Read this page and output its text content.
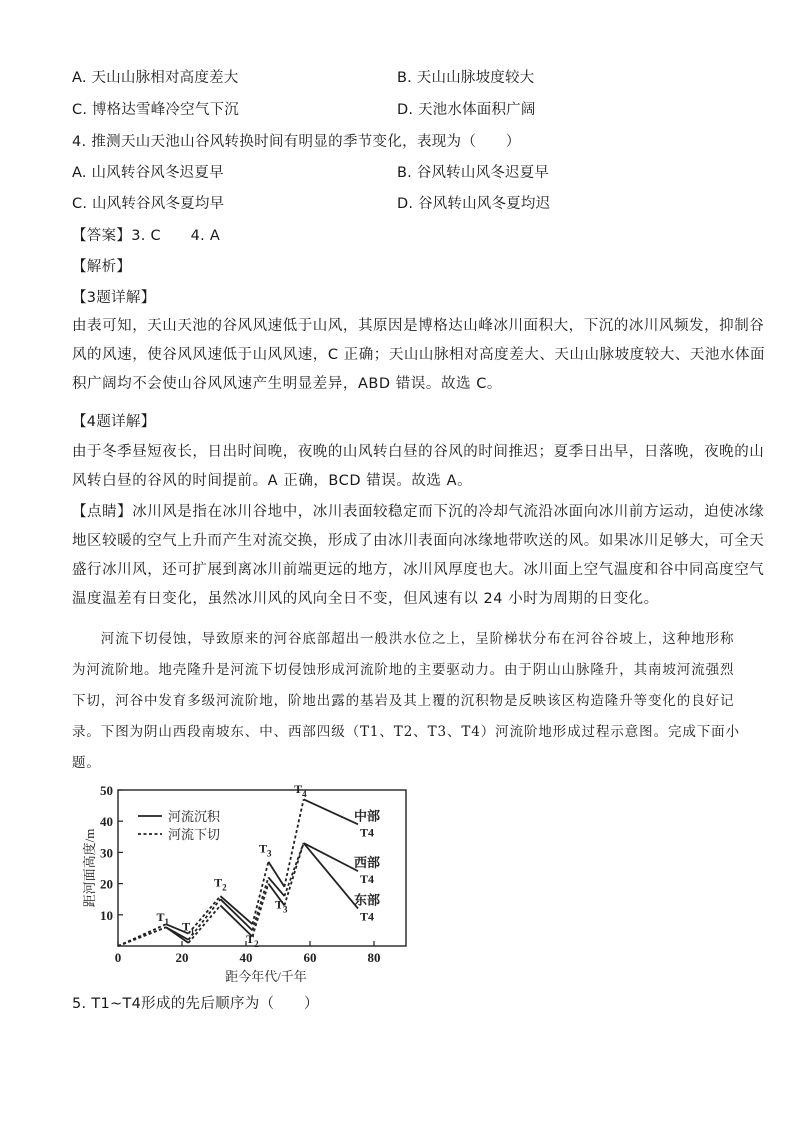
A. 天山山脉相对高度差大	B. 天山山脉坡度较大
C. 博格达雪峰冷空气下沉	D. 天池水体面积广阔
4. 推测天山天池山谷风转换时间有明显的季节变化，表现为（　　）
A. 山风转谷风冬迟夏早	B. 谷风转山风冬迟夏早
C. 山风转谷风冬夏均早	D. 谷风转山风冬夏均迟
【答案】3. C　　4. A
【解析】
【3题详解】
由表可知，天山天池的谷风风速低于山风，其原因是博格达山峰冰川面积大，下沉的冰川风频发，抑制谷
风的风速，使谷风风速低于山风风速，C 正确；天山山脉相对高度差大、天山山脉坡度较大、天池水体面
积广阔均不会使山谷风风速产生明显差异，ABD 错误。故选 C。
【4题详解】
由于冬季昼短夜长，日出时间晚，夜晚的山风转白昼的谷风的时间推迟；夏季日出早，日落晚，夜晚的山
风转白昼的谷风的时间提前。A 正确，BCD 错误。故选 A。
【点睛】冰川风是指在冰川谷地中，冰川表面较稳定而下沉的冷却气流沿冰面向冰川前方运动，迫使冰缘
地区较暖的空气上升而产生对流交换，形成了由冰川表面向冰缘地带吹送的风。如果冰川足够大，可全天
盛行冰川风，还可扩展到离冰川前端更远的地方，冰川风厚度也大。冰川面上空气温度和谷中同高度空气
温度温差有日变化，虽然冰川风的风向全日不变，但风速有以 24 小时为周期的日变化。
　　河流下切侵蚀，导致原来的河谷底部超出一般洪水位之上，呈阶梯状分布在河谷谷坡上，这种地形称
为河流阶地。地壳隆升是河流下切侵蚀形成河流阶地的主要驱动力。由于阴山山脉隆升，其南坡河流强烈
下切，河谷中发育多级河流阶地，阶地出露的基岩及其上覆的沉积物是反映该区构造隆升等变化的良好记
录。下图为阴山西段南坡东、中、西部四级（T1、T2、T3、T4）河流阶地形成过程示意图。完成下面小
题。
0	20	40	60	80
10
20
30
40
50
中部
T4
西部
T4
东部
T4
$T_1$ $T_1$
$T_2$
$T_2$
$T_3$
$T_3$
$T_4$
河流沉积
河流下切
距河面高度/m
距今年代/千年
5. T1~T4形成的先后顺序为（　　）
